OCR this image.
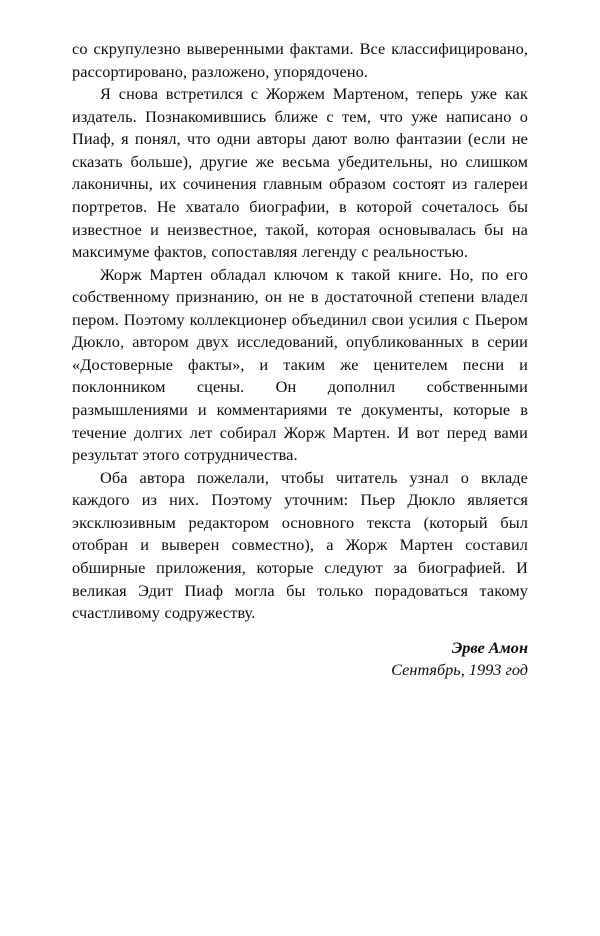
со скрупулезно выверенными фактами. Все классифицировано, рассортировано, разложено, упорядочено.

Я снова встретился с Жоржем Мартеном, теперь уже как издатель. Познакомившись ближе с тем, что уже написано о Пиаф, я понял, что одни авторы дают волю фантазии (если не сказать больше), другие же весьма убедительны, но слишком лаконичны, их сочинения главным образом состоят из галереи портретов. Не хватало биографии, в которой сочеталось бы известное и неизвестное, такой, которая основывалась бы на максимуме фактов, сопоставляя легенду с реальностью.

Жорж Мартен обладал ключом к такой книге. Но, по его собственному признанию, он не в достаточной степени владел пером. Поэтому коллекционер объединил свои усилия с Пьером Дюкло, автором двух исследований, опубликованных в серии «Достоверные факты», и таким же ценителем песни и поклонником сцены. Он дополнил собственными размышлениями и комментариями те документы, которые в течение долгих лет собирал Жорж Мартен. И вот перед вами результат этого сотрудничества.

Оба автора пожелали, чтобы читатель узнал о вкладе каждого из них. Поэтому уточним: Пьер Дюкло является эксклюзивным редактором основного текста (который был отобран и выверен совместно), а Жорж Мартен составил обширные приложения, которые следуют за биографией. И великая Эдит Пиаф могла бы только порадоваться такому счастливому содружеству.

Эрве Амон
Сентябрь, 1993 год
